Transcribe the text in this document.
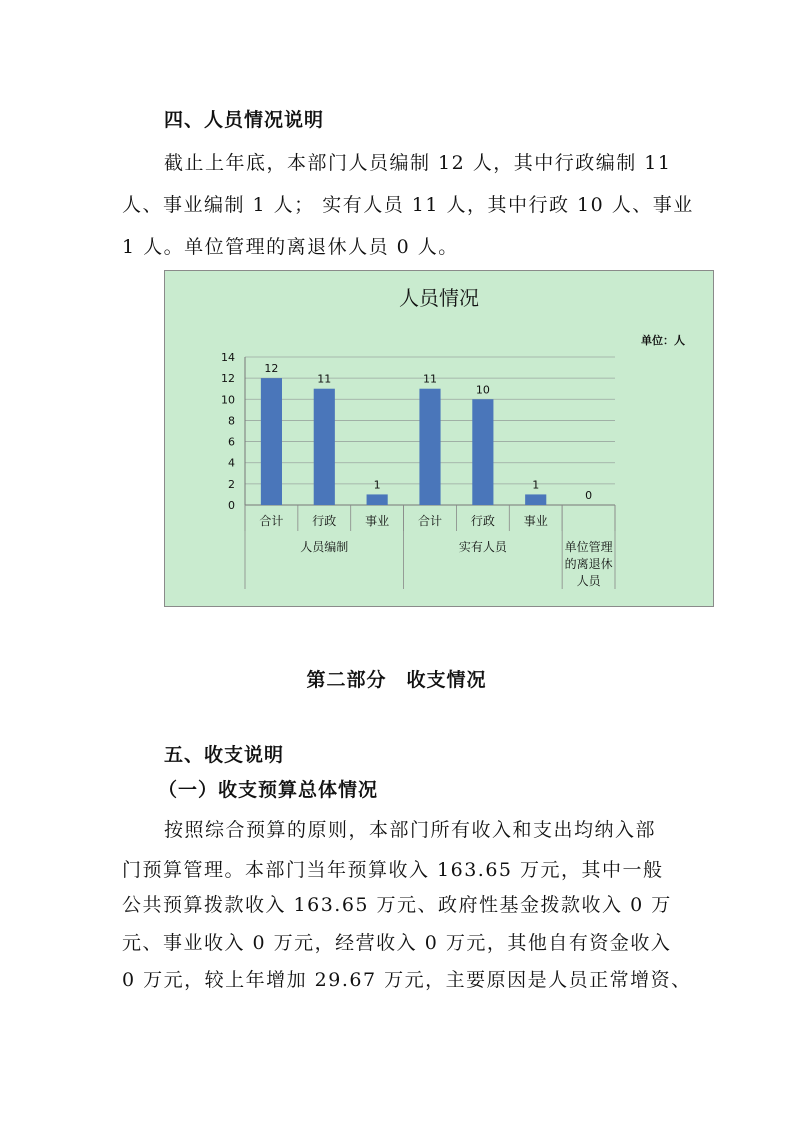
四、人员情况说明
截止上年底，本部门人员编制 12 人，其中行政编制 11
人、事业编制 1 人； 实有人员 11 人，其中行政 10 人、事业
1 人。单位管理的离退休人员 0 人。
人员情况
单位：人
0
2
4
6
8
10
12
14
12
合计
11
行政
1
事业
11
合计
10
行政
1
事业
0
人员编制	实有人员	单位管理
的离退休
人员
第二部分　收支情况
五、收支说明
（一）收支预算总体情况
按照综合预算的原则，本部门所有收入和支出均纳入部
门预算管理。本部门当年预算收入 163.65 万元，其中一般
公共预算拨款收入 163.65 万元、政府性基金拨款收入 0 万
元、事业收入 0 万元，经营收入 0 万元，其他自有资金收入
0 万元，较上年增加 29.67 万元，主要原因是人员正常增资、
